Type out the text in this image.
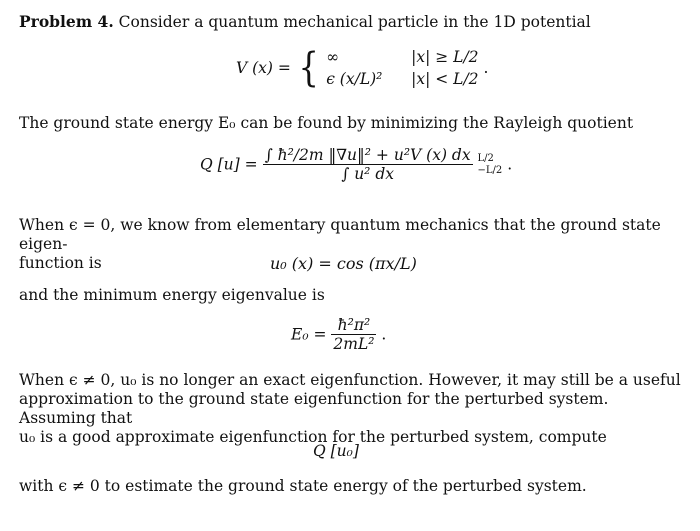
Problem 4. Consider a quantum mechanical particle in the 1D potential
V (x) = { ∞	|x| ≥ L/2
ϵ (x/L)² |x| < L/2
.
The ground state energy E₀ can be found by minimizing the Rayleigh quotient
Q $[u] = \frac{\text{∫ ħ²/2m ‖∇u‖² + u²V (x) dx}}{\text{∫ u² dx}} L/2$
−L/2 .
When ϵ = 0, we know from elementary quantum mechanics that the ground state eigen-
function is	u₀ (x) = cos (πx/L)
and the minimum energy eigenvalue is
$E_0 = \frac{\text{ħ²π²}}{\text{2mL²}}$ .
When ϵ ≠ 0, u₀ is no longer an exact eigenfunction. However, it may still be a useful
approximation to the ground state eigenfunction for the perturbed system. Assuming that
u₀ is a good approximate eigenfunction for the perturbed system, compute
Q [u₀]
with ϵ ≠ 0 to estimate the ground state energy of the perturbed system.
